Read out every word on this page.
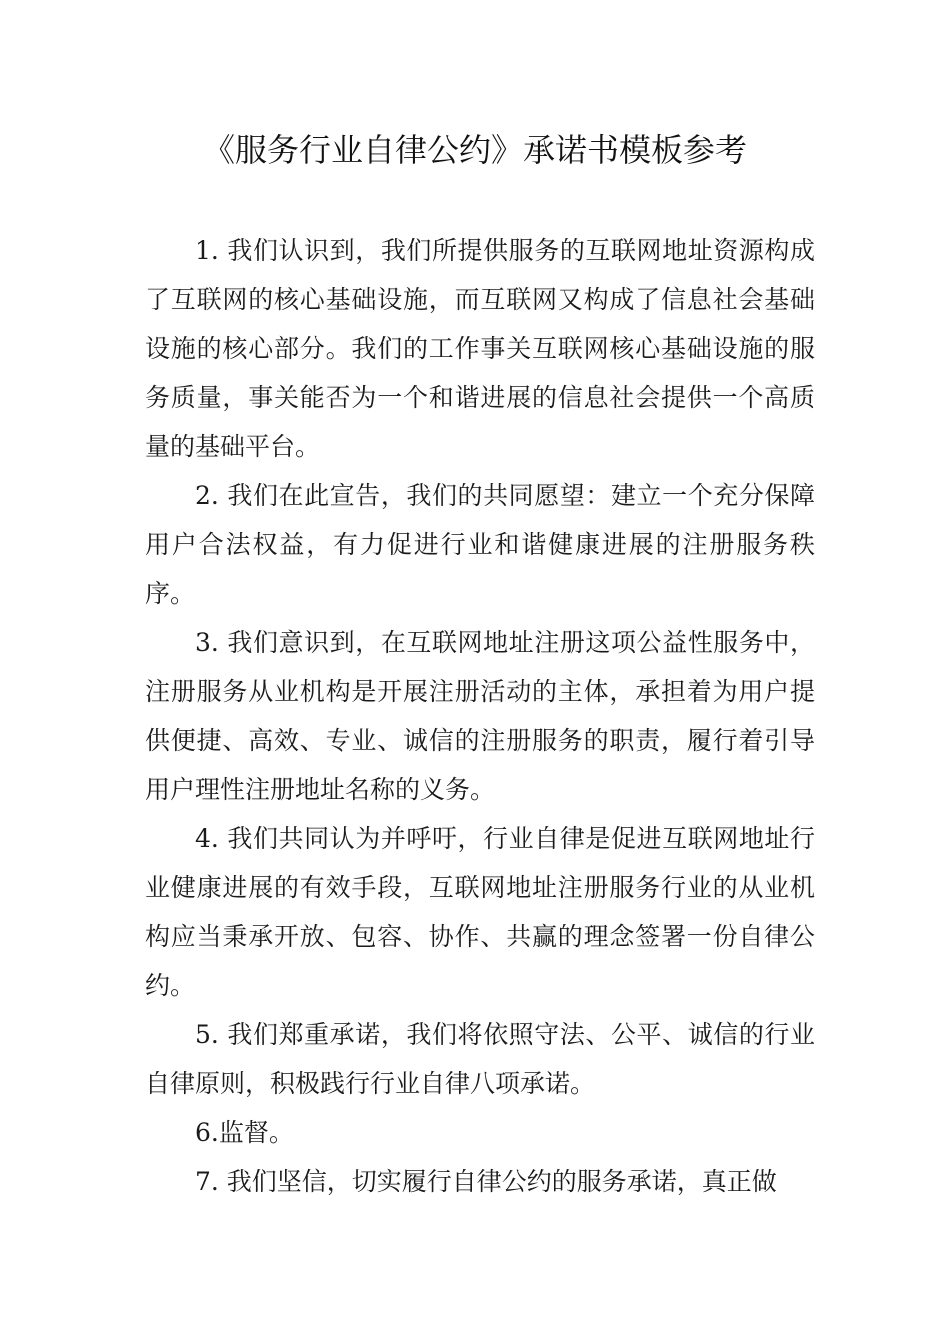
《服务行业自律公约》承诺书模板参考

1. 我们认识到，我们所提供服务的互联网地址资源构成了互联网的核心基础设施，而互联网又构成了信息社会基础设施的核心部分。我们的工作事关互联网核心基础设施的服务质量，事关能否为一个和谐进展的信息社会提供一个高质量的基础平台。

2. 我们在此宣告，我们的共同愿望：建立一个充分保障用户合法权益，有力促进行业和谐健康进展的注册服务秩序。

3. 我们意识到，在互联网地址注册这项公益性服务中，注册服务从业机构是开展注册活动的主体，承担着为用户提供便捷、高效、专业、诚信的注册服务的职责，履行着引导用户理性注册地址名称的义务。

4. 我们共同认为并呼吁，行业自律是促进互联网地址行业健康进展的有效手段，互联网地址注册服务行业的从业机构应当秉承开放、包容、协作、共赢的理念签署一份自律公约。

5. 我们郑重承诺，我们将依照守法、公平、诚信的行业自律原则，积极践行行业自律八项承诺。

6.监督。

7. 我们坚信，切实履行自律公约的服务承诺，真正做
